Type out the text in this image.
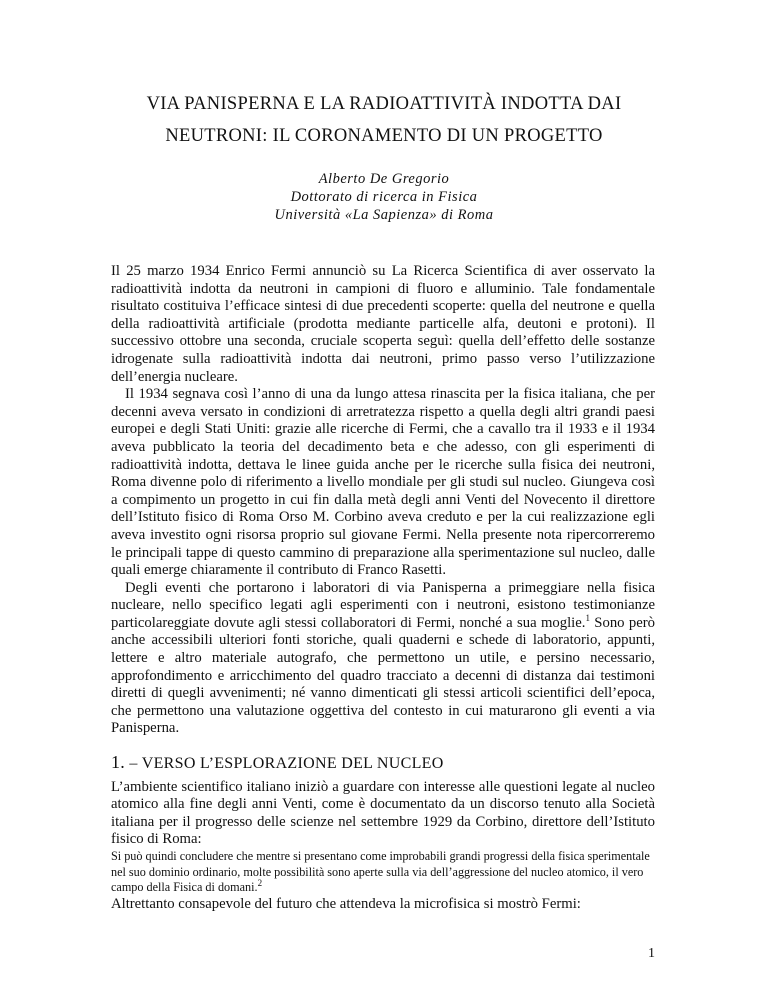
VIA PANISPERNA E LA RADIOATTIVITÀ INDOTTA DAI
NEUTRONI: IL CORONAMENTO DI UN PROGETTO
Alberto De Gregorio
Dottorato di ricerca in Fisica
Università «La Sapienza» di Roma

Il 25 marzo 1934 Enrico Fermi annunciò su La Ricerca Scientifica di aver osservato la radioattività indotta da neutroni in campioni di fluoro e alluminio. Tale fondamentale risultato costituiva l’efficace sintesi di due precedenti scoperte: quella del neutrone e quella della radioattività artificiale (prodotta mediante particelle alfa, deutoni e protoni). Il successivo ottobre una seconda, cruciale scoperta seguì: quella dell’effetto delle sostanze idrogenate sulla radioattività indotta dai neutroni, primo passo verso l’utilizzazione dell’energia nucleare.

Il 1934 segnava così l’anno di una da lungo attesa rinascita per la fisica italiana, che per decenni aveva versato in condizioni di arretratezza rispetto a quella degli altri grandi paesi europei e degli Stati Uniti: grazie alle ricerche di Fermi, che a cavallo tra il 1933 e il 1934 aveva pubblicato la teoria del decadimento beta e che adesso, con gli esperimenti di radioattività indotta, dettava le linee guida anche per le ricerche sulla fisica dei neutroni, Roma divenne polo di riferimento a livello mondiale per gli studi sul nucleo. Giungeva così a compimento un progetto in cui fin dalla metà degli anni Venti del Novecento il direttore dell’Istituto fisico di Roma Orso M. Corbino aveva creduto e per la cui realizzazione egli aveva investito ogni risorsa proprio sul giovane Fermi. Nella presente nota ripercorreremo le principali tappe di questo cammino di preparazione alla sperimentazione sul nucleo, dalle quali emerge chiaramente il contributo di Franco Rasetti.

Degli eventi che portarono i laboratori di via Panisperna a primeggiare nella fisica nucleare, nello specifico legati agli esperimenti con i neutroni, esistono testimonianze particolareggiate dovute agli stessi collaboratori di Fermi, nonché a sua moglie.$^1$ Sono però anche accessibili ulteriori fonti storiche, quali quaderni e schede di laboratorio, appunti, lettere e altro materiale autografo, che permettono un utile, e persino necessario, approfondimento e arricchimento del quadro tracciato a decenni di distanza dai testimoni diretti di quegli avvenimenti; né vanno dimenticati gli stessi articoli scientifici dell’epoca, che permettono una valutazione oggettiva del contesto in cui maturarono gli eventi a via Panisperna.

1. – VERSO L’ESPLORAZIONE DEL NUCLEO

L’ambiente scientifico italiano iniziò a guardare con interesse alle questioni legate al nucleo atomico alla fine degli anni Venti, come è documentato da un discorso tenuto alla Società italiana per il progresso delle scienze nel settembre 1929 da Corbino, direttore dell’Istituto fisico di Roma:

Si può quindi concludere che mentre si presentano come improbabili grandi progressi della fisica sperimentale nel suo dominio ordinario, molte possibilità sono aperte sulla via dell’aggressione del nucleo atomico, il vero campo della Fisica di domani.$^2$

Altrettanto consapevole del futuro che attendeva la microfisica si mostrò Fermi:

1
